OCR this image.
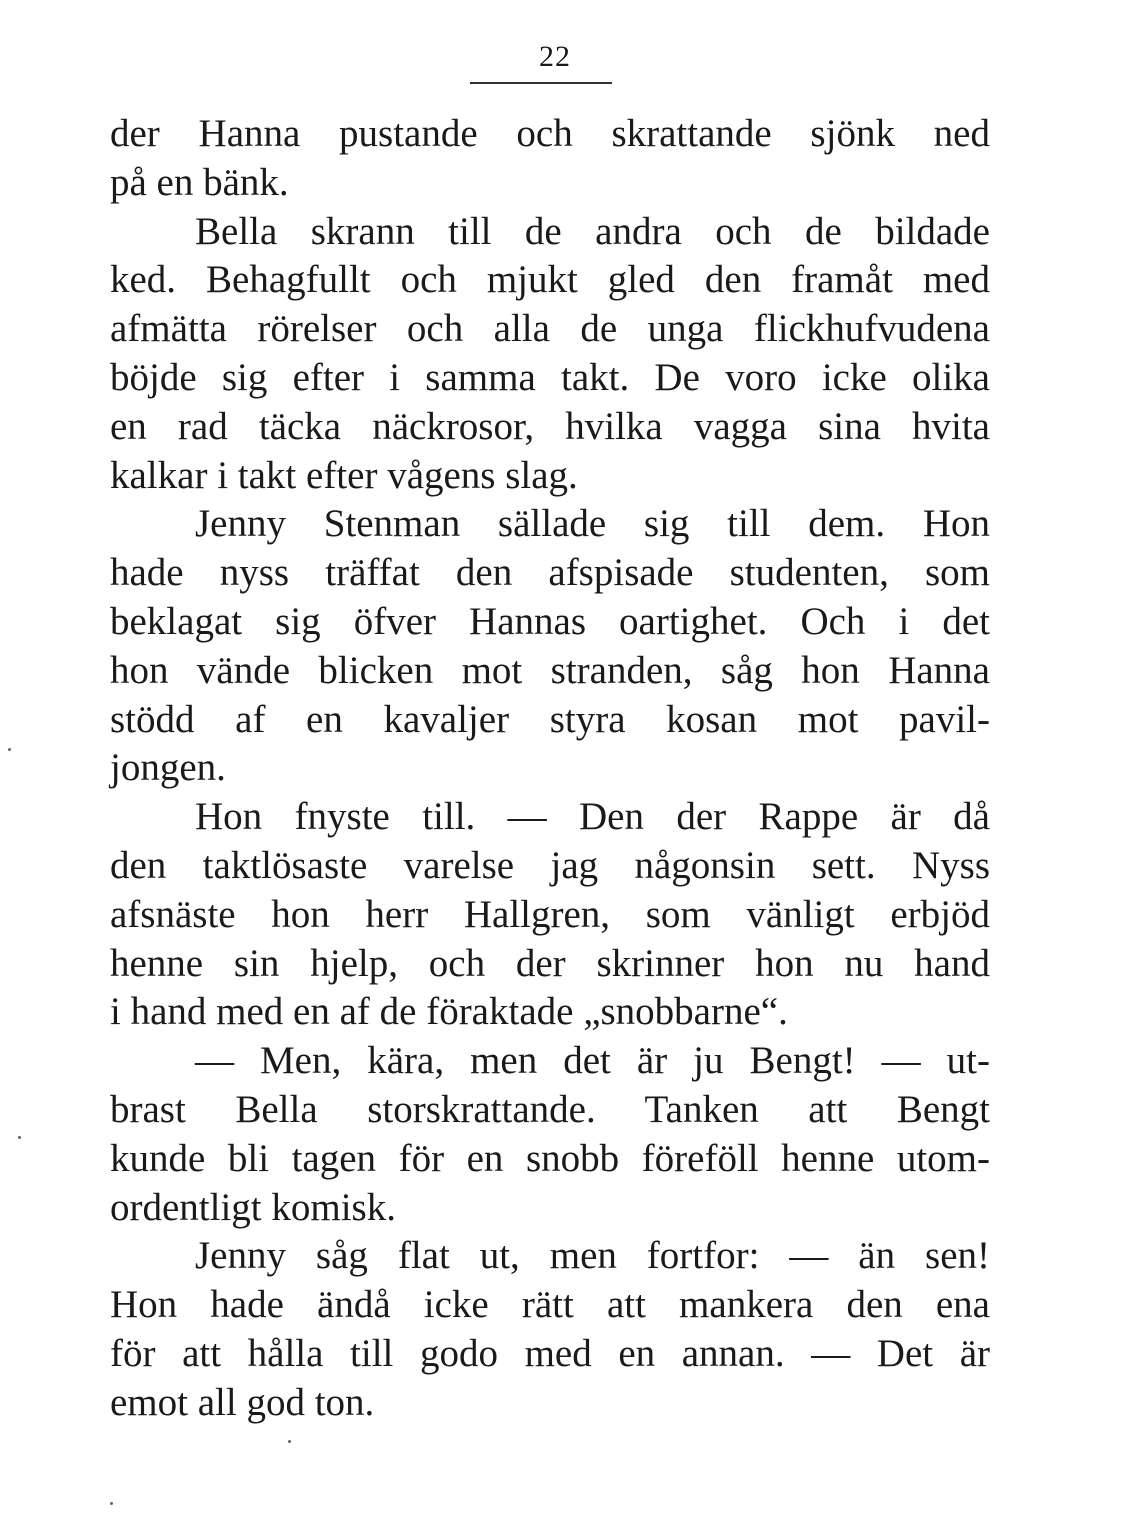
22
der Hanna pustande och skrattande sjönk ned
på en bänk.
Bella skrann till de andra och de bildade
ked. Behagfullt och mjukt gled den framåt med
afmätta rörelser och alla de unga flickhufvudena
böjde sig efter i samma takt. De voro icke olika
en rad täcka näckrosor, hvilka vagga sina hvita
kalkar i takt efter vågens slag.
Jenny Stenman sällade sig till dem. Hon
hade nyss träffat den afspisade studenten, som
beklagat sig öfver Hannas oartighet. Och i det
hon vände blicken mot stranden, såg hon Hanna
stödd af en kavaljer styra kosan mot pavil-
jongen.
Hon fnyste till. — Den der Rappe är då
den taktlösaste varelse jag någonsin sett. Nyss
afsnäste hon herr Hallgren, som vänligt erbjöd
henne sin hjelp, och der skrinner hon nu hand
i hand med en af de föraktade „snobbarne“.
— Men, kära, men det är ju Bengt! — ut-
brast Bella storskrattande. Tanken att Bengt
kunde bli tagen för en snobb föreföll henne utom-
ordentligt komisk.
Jenny såg flat ut, men fortfor: — än sen!
Hon hade ändå icke rätt att mankera den ena
för att hålla till godo med en annan. — Det är
emot all god ton.
